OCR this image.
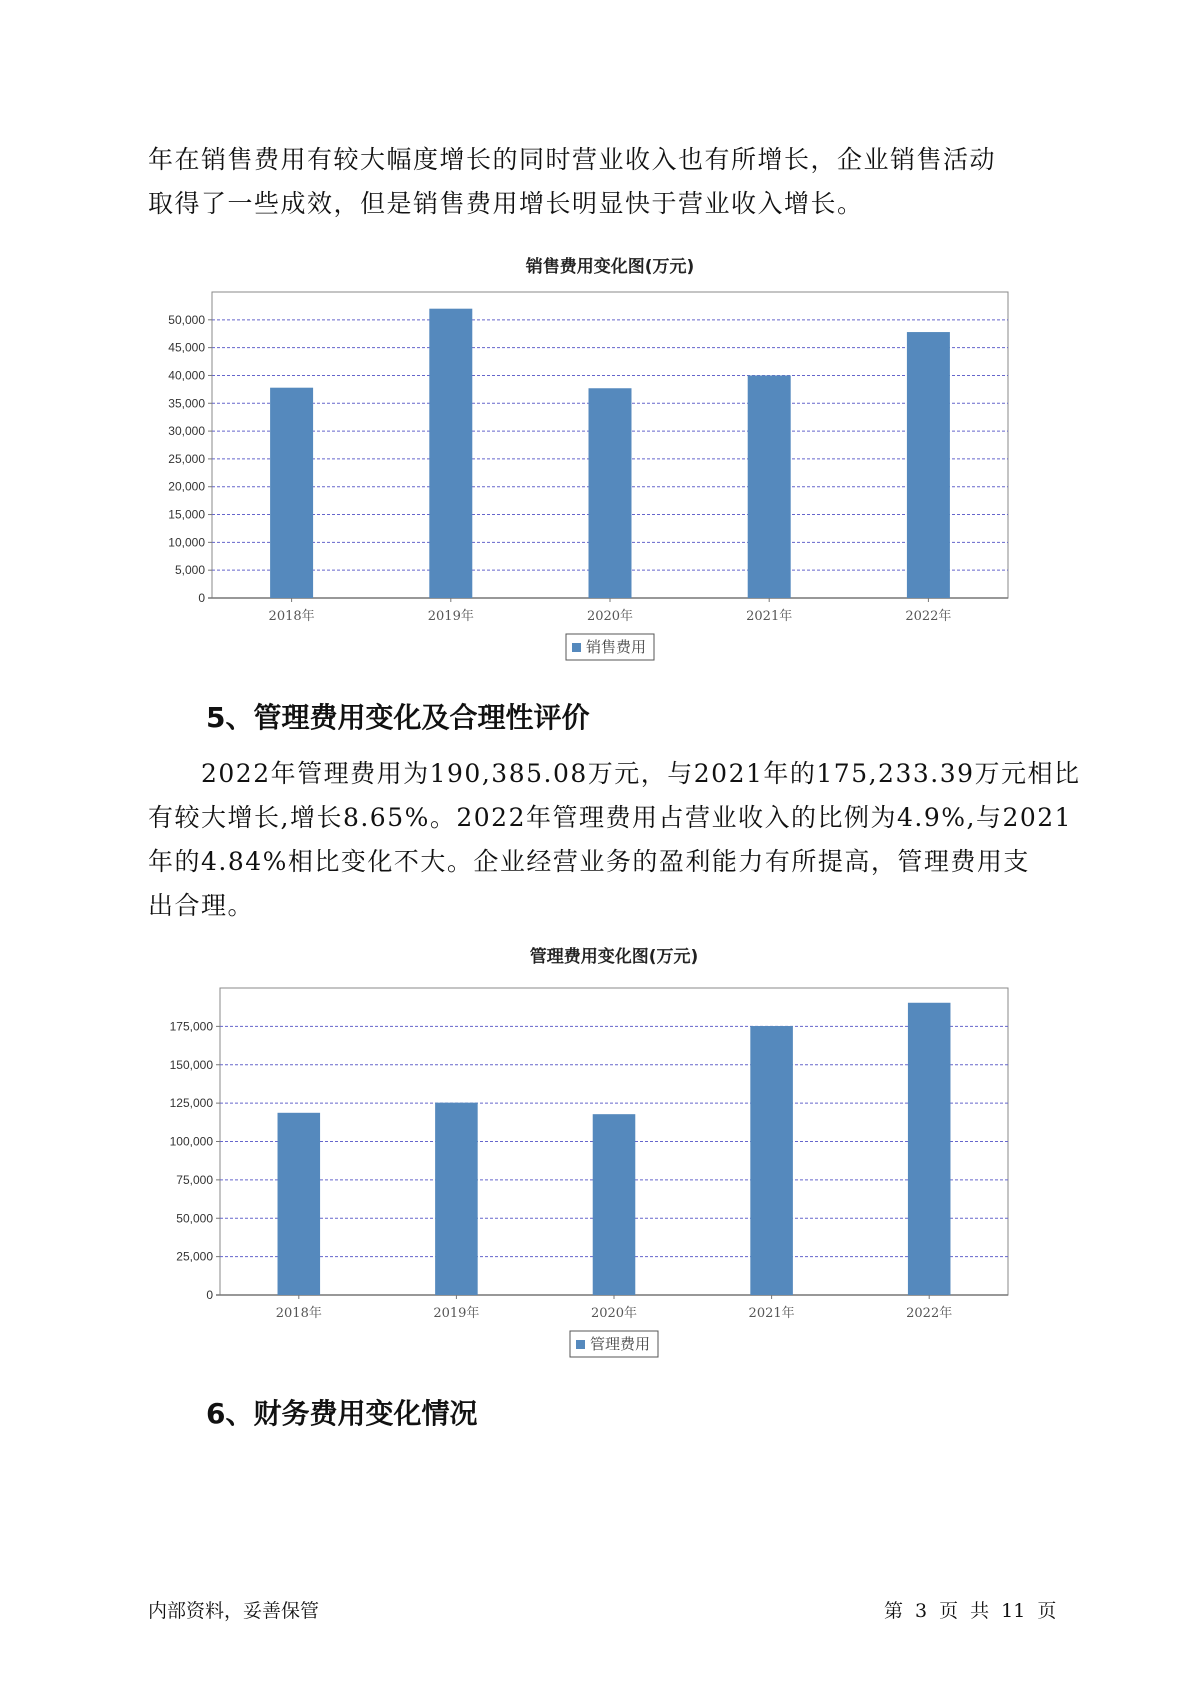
年在销售费用有较大幅度增长的同时营业收入也有所增长，企业销售活动
取得了一些成效，但是销售费用增长明显快于营业收入增长。

销售费用变化图(万元)
0
5,000
10,000
15,000
20,000
25,000
30,000
35,000
40,000
45,000
50,000
2018年	2019年	2020年	2021年	2022年
销售费用
5、管理费用变化及合理性评价

　　2022年管理费用为190,385.08万元，与2021年的175,233.39万元相比
有较大增长,增长8.65%。2022年管理费用占营业收入的比例为4.9%,与2021
年的4.84%相比变化不大。企业经营业务的盈利能力有所提高，管理费用支
出合理。

管理费用变化图(万元)
0
25,000
50,000
75,000
100,000
125,000
150,000
175,000
2018年	2019年	2020年	2021年	2022年
管理费用
6、财务费用变化情况
内部资料，妥善保管	第 3 页 共 11 页
